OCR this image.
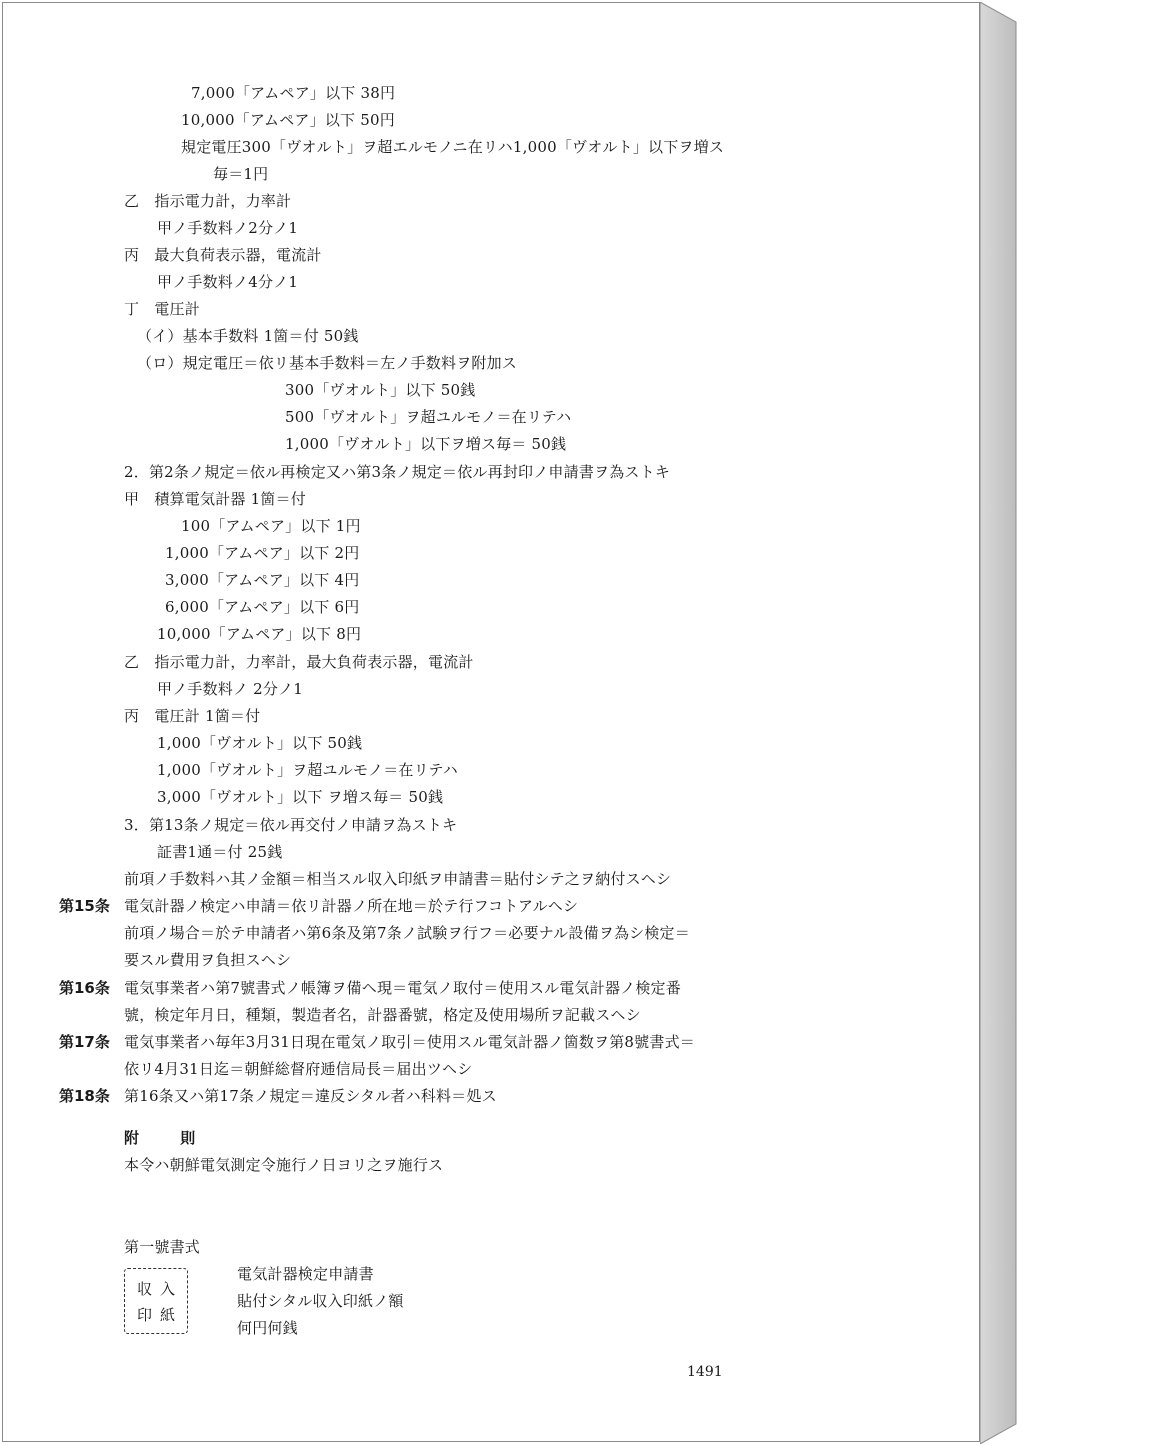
7,000「アムペア」以下 38円
10,000「アムペア」以下 50円
規定電圧300「ヴオルト」ヲ超エルモノニ在リハ1,000「ヴオルト」以下ヲ増ス
毎＝1円
乙　指示電力計，力率計
甲ノ手数料ノ2分ノ1
丙　最大負荷表示器，電流計
甲ノ手数料ノ4分ノ1
丁　電圧計
（イ）基本手数料 1箇＝付 50銭
（ロ）規定電圧＝依リ基本手数料＝左ノ手数料ヲ附加ス
300「ヴオルト」以下 50銭
500「ヴオルト」ヲ超ユルモノ＝在リテハ
1,000「ヴオルト」以下ヲ増ス毎＝ 50銭
2．第2条ノ規定＝依ル再検定又ハ第3条ノ規定＝依ル再封印ノ申請書ヲ為ストキ
甲　積算電気計器 1箇＝付
100「アムペア」以下 1円
1,000「アムペア」以下 2円
3,000「アムペア」以下 4円
6,000「アムペア」以下 6円
10,000「アムペア」以下 8円
乙　指示電力計，力率計，最大負荷表示器，電流計
甲ノ手数料ノ 2分ノ1
丙　電圧計 1箇＝付
1,000「ヴオルト」以下 50銭
1,000「ヴオルト」ヲ超ユルモノ＝在リテハ
3,000「ヴオルト」以下 ヲ増ス毎＝ 50銭
3．第13条ノ規定＝依ル再交付ノ申請ヲ為ストキ
証書1通＝付 25銭
前項ノ手数料ハ其ノ金額＝相当スル収入印紙ヲ申請書＝貼付シテ之ヲ納付スヘシ
第15条 電気計器ノ検定ハ申請＝依リ計器ノ所在地＝於テ行フコトアルヘシ
前項ノ場合＝於テ申請者ハ第6条及第7条ノ試験ヲ行フ＝必要ナル設備ヲ為シ検定＝
要スル費用ヲ負担スヘシ
第16条 電気事業者ハ第7號書式ノ帳簿ヲ備ヘ現＝電気ノ取付＝使用スル電気計器ノ検定番
號，検定年月日，種類，製造者名，計器番號，格定及使用場所ヲ記載スヘシ
第17条 電気事業者ハ毎年3月31日現在電気ノ取引＝使用スル電気計器ノ箇数ヲ第8號書式＝
依リ4月31日迄＝朝鮮総督府逓信局長＝届出ツヘシ
第18条 第16条又ハ第17条ノ規定＝違反シタル者ハ科料＝処ス
附 則
本令ハ朝鮮電気測定令施行ノ日ヨリ之ヲ施行ス
第一號書式
収入
印紙
電気計器検定申請書
貼付シタル収入印紙ノ額
何円何銭
1491
